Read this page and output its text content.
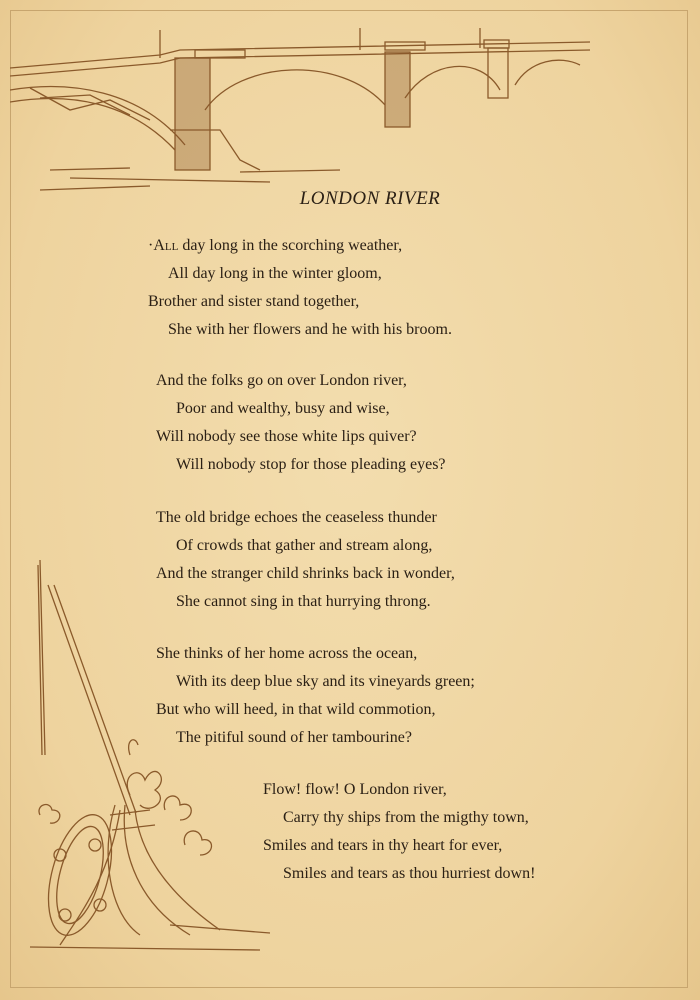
LONDON RIVER
·All day long in the scorching weather,
All day long in the winter gloom,
Brother and sister stand together,
She with her flowers and he with his broom.
And the folks go on over London river,
Poor and wealthy, busy and wise,
Will nobody see those white lips quiver?
Will nobody stop for those pleading eyes?
The old bridge echoes the ceaseless thunder
Of crowds that gather and stream along,
And the stranger child shrinks back in wonder,
She cannot sing in that hurrying throng.
She thinks of her home across the ocean,
With its deep blue sky and its vineyards green;
But who will heed, in that wild commotion,
The pitiful sound of her tambourine?
Flow! flow! O London river,
Carry thy ships from the migthy town,
Smiles and tears in thy heart for ever,
Smiles and tears as thou hurriest down!
